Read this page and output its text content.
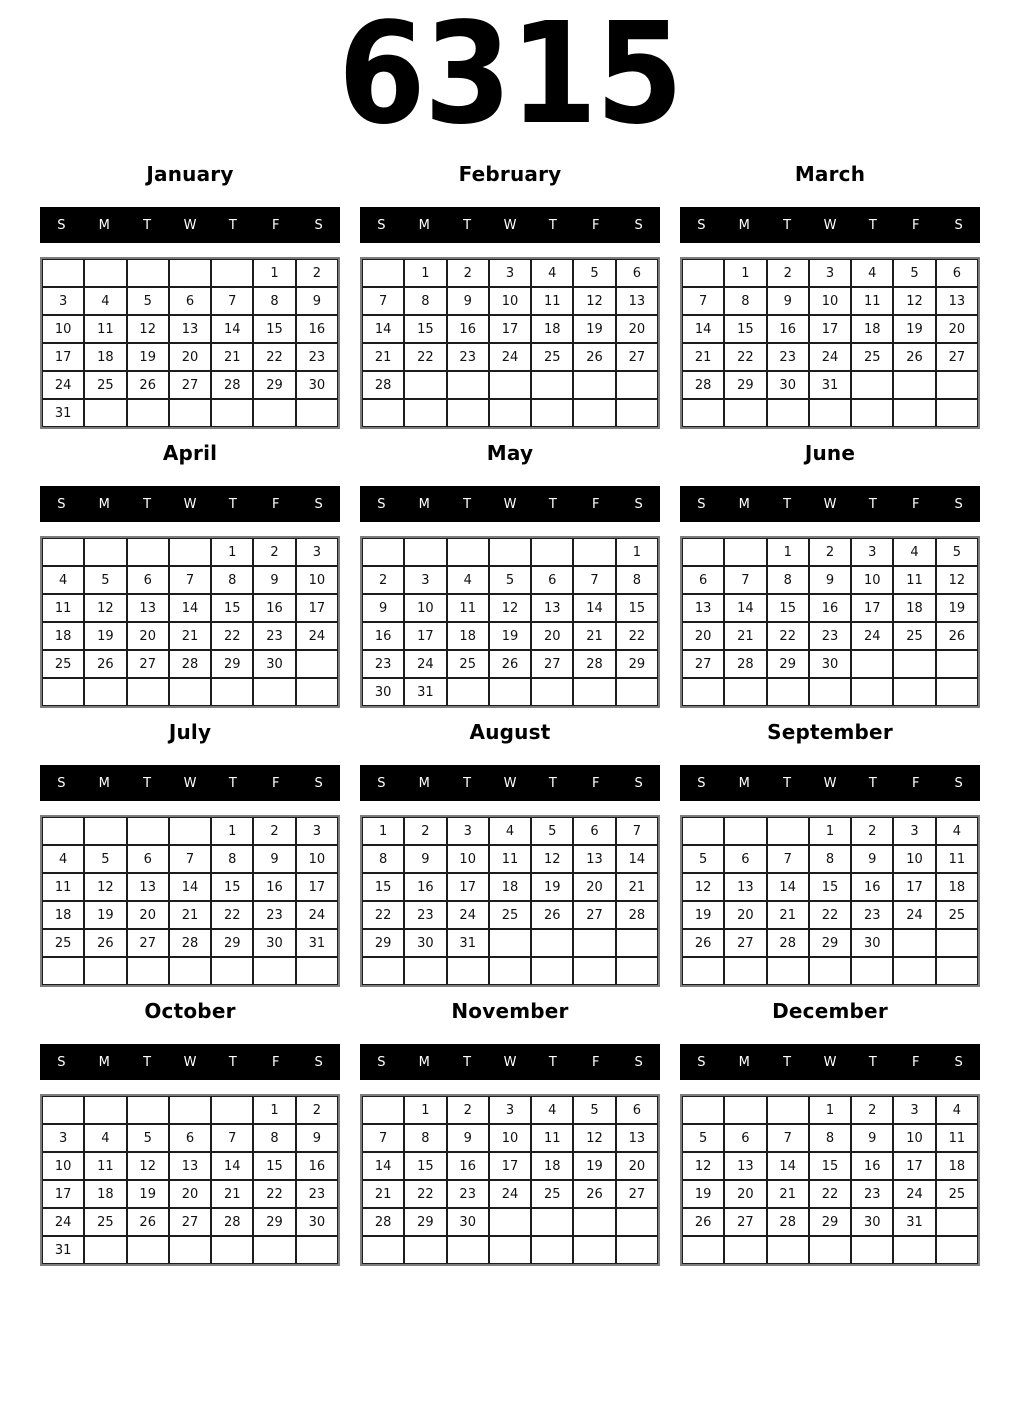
6315
January
S	M	T	W	T	F	S
					1	2
3	4	5	6	7	8	9
10	11	12	13	14	15	16
17	18	19	20	21	22	23
24	25	26	27	28	29	30
31						
February
S	M	T	W	T	F	S
	1	2	3	4	5	6
7	8	9	10	11	12	13
14	15	16	17	18	19	20
21	22	23	24	25	26	27
28						

March
S	M	T	W	T	F	S
	1	2	3	4	5	6
7	8	9	10	11	12	13
14	15	16	17	18	19	20
21	22	23	24	25	26	27
28	29	30	31			

April
S	M	T	W	T	F	S
				1	2	3
4	5	6	7	8	9	10
11	12	13	14	15	16	17
18	19	20	21	22	23	24
25	26	27	28	29	30	

May
S	M	T	W	T	F	S
						1
2	3	4	5	6	7	8
9	10	11	12	13	14	15
16	17	18	19	20	21	22
23	24	25	26	27	28	29
30	31					
June
S	M	T	W	T	F	S
		1	2	3	4	5
6	7	8	9	10	11	12
13	14	15	16	17	18	19
20	21	22	23	24	25	26
27	28	29	30			

July
S	M	T	W	T	F	S
				1	2	3
4	5	6	7	8	9	10
11	12	13	14	15	16	17
18	19	20	21	22	23	24
25	26	27	28	29	30	31

August
S	M	T	W	T	F	S
1	2	3	4	5	6	7
8	9	10	11	12	13	14
15	16	17	18	19	20	21
22	23	24	25	26	27	28
29	30	31				

September
S	M	T	W	T	F	S
			1	2	3	4
5	6	7	8	9	10	11
12	13	14	15	16	17	18
19	20	21	22	23	24	25
26	27	28	29	30		

October
S	M	T	W	T	F	S
					1	2
3	4	5	6	7	8	9
10	11	12	13	14	15	16
17	18	19	20	21	22	23
24	25	26	27	28	29	30
31						
November
S	M	T	W	T	F	S
	1	2	3	4	5	6
7	8	9	10	11	12	13
14	15	16	17	18	19	20
21	22	23	24	25	26	27
28	29	30				

December
S	M	T	W	T	F	S
			1	2	3	4
5	6	7	8	9	10	11
12	13	14	15	16	17	18
19	20	21	22	23	24	25
26	27	28	29	30	31	
